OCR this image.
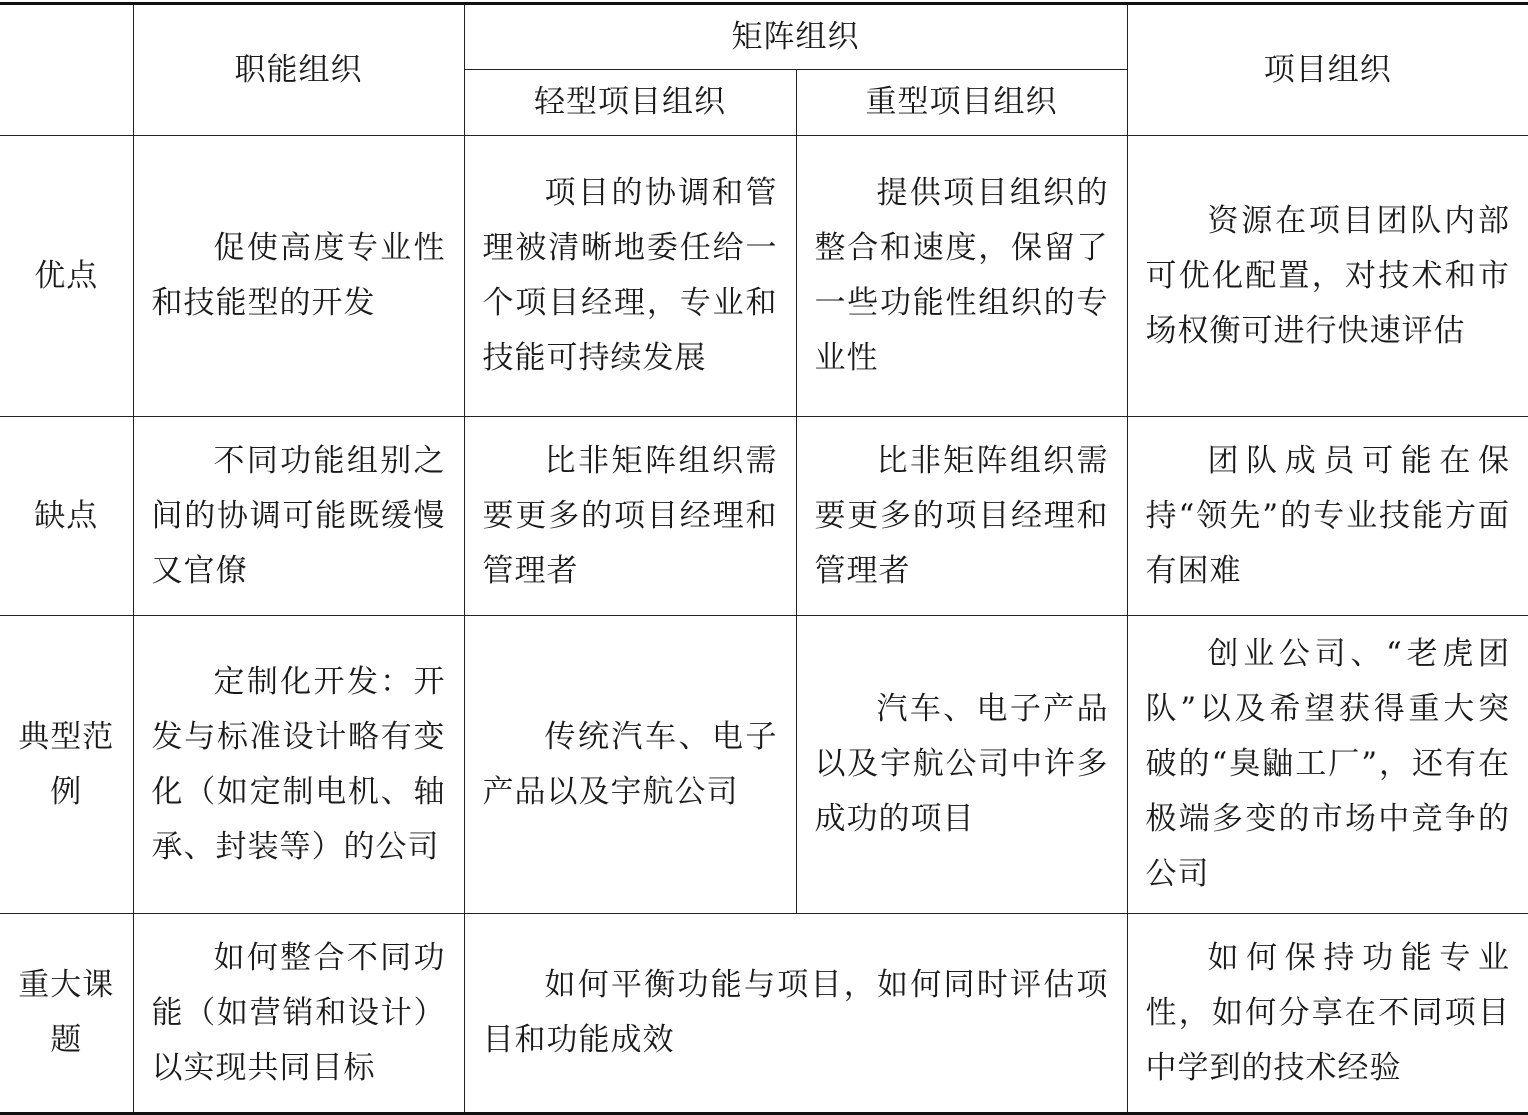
	职能组织	矩阵组织		项目组织
		轻型项目组织	重型项目组织	
优点	促使高度专业性和技能型的开发	项目的协调和管理被清晰地委任给一个项目经理，专业和技能可持续发展	提供项目组织的整合和速度，保留了一些功能性组织的专业性	资源在项目团队内部可优化配置，对技术和市场权衡可进行快速评估
缺点	不同功能组别之间的协调可能既缓慢又官僚	比非矩阵组织需要更多的项目经理和管理者	比非矩阵组织需要更多的项目经理和管理者	团队成员可能在保持“领先”的专业技能方面有困难
典型范例	定制化开发：开发与标准设计略有变化（如定制电机、轴承、封装等）的公司	传统汽车、电子产品以及宇航公司	汽车、电子产品以及宇航公司中许多成功的项目	创业公司、“老虎团队”以及希望获得重大突破的“臭鼬工厂”，还有在极端多变的市场中竞争的公司
重大课题	如何整合不同功能（如营销和设计）以实现共同目标	如何平衡功能与项目，如何同时评估项目和功能成效		如何保持功能专业性，如何分享在不同项目中学到的技术经验
